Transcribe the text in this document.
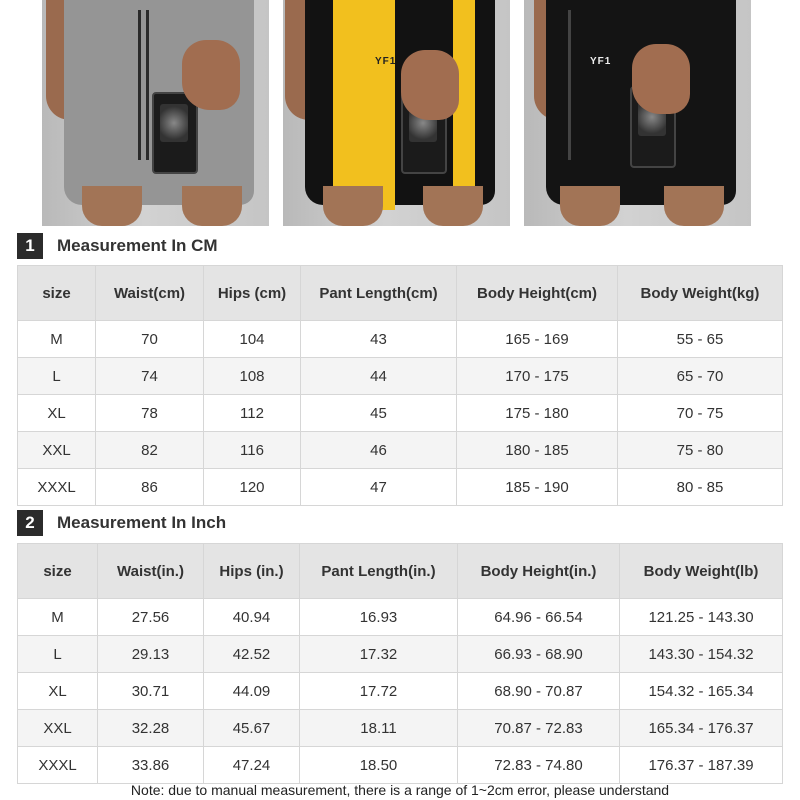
YF1	YF1
1	Measurement In CM
size	Waist(cm)	Hips (cm)	Pant Length(cm)	Body Height(cm)	Body Weight(kg)
M	70	104	43	165 - 169	55 - 65
L	74	108	44	170 - 175	65 - 70
XL	78	112	45	175 - 180	70 - 75
XXL	82	116	46	180 - 185	75 - 80
XXXL	86	120	47	185 - 190	80 - 85
2	Measurement In Inch
size	Waist(in.)	Hips (in.)	Pant Length(in.)	Body Height(in.)	Body Weight(lb)
M	27.56	40.94	16.93	64.96 - 66.54	121.25 - 143.30
L	29.13	42.52	17.32	66.93 - 68.90	143.30 - 154.32
XL	30.71	44.09	17.72	68.90 - 70.87	154.32 - 165.34
XXL	32.28	45.67	18.11	70.87 - 72.83	165.34 - 176.37
XXXL	33.86	47.24	18.50	72.83 - 74.80	176.37 - 187.39
Note: due to manual measurement, there is a range of 1~2cm error, please understand
